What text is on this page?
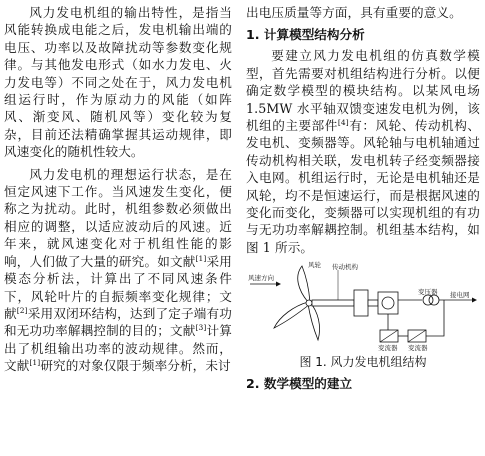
风力发电机组的输出特性，是指当风能转换成电能之后，发电机输出端的电压、功率以及故障扰动等参数变化规律。与其他发电形式（如水力发电、火力发电等）不同之处在于，风力发电机组运行时，作为原动力的风能（如阵风、渐变风、随机风等）变化较为复杂，目前还法精确掌握其运动规律，即风速变化的随机性较大。

风力发电机的理想运行状态，是在恒定风速下工作。当风速发生变化，便称之为扰动。此时，机组参数必须做出相应的调整，以适应波动后的风速。近年来，就风速变化对于机组性能的影响，人们做了大量的研究。如文献[1]采用模态分析法，计算出了不同风速条件下，风轮叶片的自振频率变化规律；文献[2]采用双闭环结构，达到了定子端有功和无功功率解耦控制的目的；文献[3]计算出了机组输出功率的波动规律。然而，文献[1]研究的对象仅限于频率分析，未讨

出电压质量等方面，具有重要的意义。

1. 计算模型结构分析

要建立风力发电机组的仿真数学模型，首先需要对机组结构进行分析。以便确定数学模型的模块结构。以某风电场 1.5MW 水平轴双馈变速发电机为例，该机组的主要部件[4]有：风轮、传动机构、发电机、变频器等。风轮轴与电机轴通过传动机构相关联，发电机转子经变频器接入电网。机组运行时，无论是电机轴还是风轮，均不是恒速运行，而是根据风速的变化而变化，变频器可以实现机组的有功与无功功率解耦控制。机组基本结构，如图 1 所示。

风速方向
风轮 传动机构
接电网
变压器
变流器 变流器
图 1. 风力发电机组结构
2. 数学模型的建立
